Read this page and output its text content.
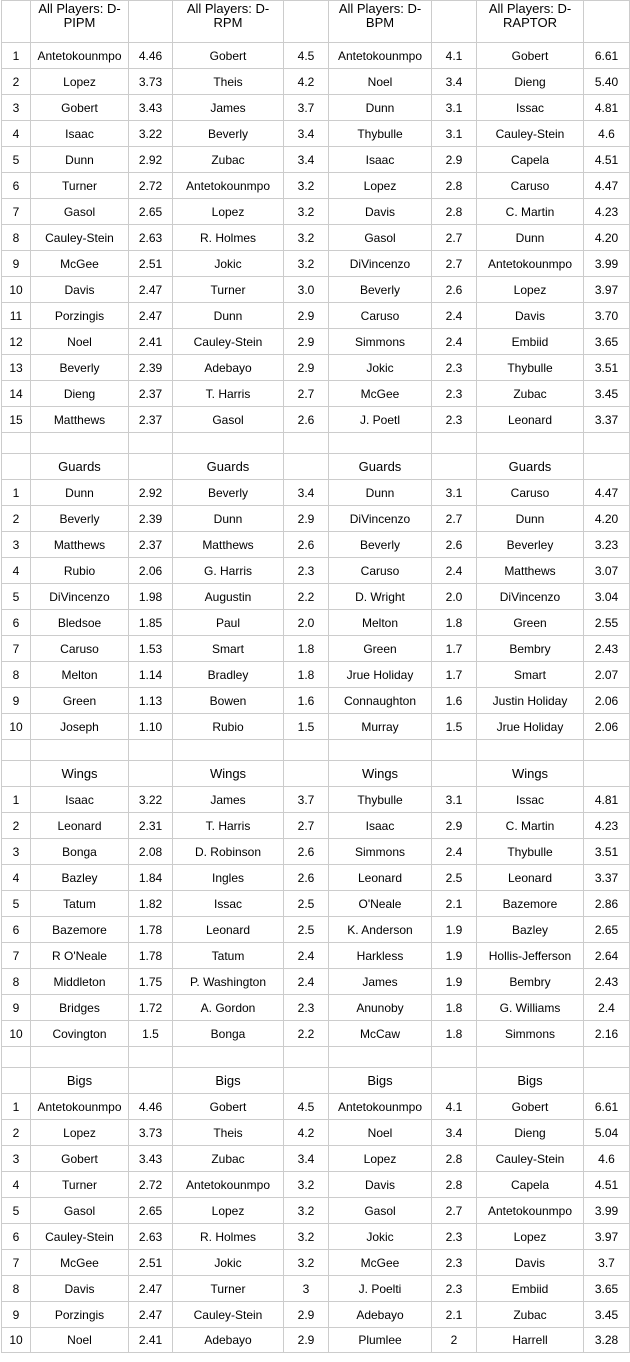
	All Players: D-PIPM		All Players: D-RPM		All Players: D-BPM		All Players: D-RAPTOR	
1	Antetokounmpo	4.46	Gobert	4.5	Antetokounmpo	4.1	Gobert	6.61
2	Lopez	3.73	Theis	4.2	Noel	3.4	Dieng	5.40
3	Gobert	3.43	James	3.7	Dunn	3.1	Issac	4.81
4	Isaac	3.22	Beverly	3.4	Thybulle	3.1	Cauley-Stein	4.6
5	Dunn	2.92	Zubac	3.4	Isaac	2.9	Capela	4.51
6	Turner	2.72	Antetokounmpo	3.2	Lopez	2.8	Caruso	4.47
7	Gasol	2.65	Lopez	3.2	Davis	2.8	C. Martin	4.23
8	Cauley-Stein	2.63	R. Holmes	3.2	Gasol	2.7	Dunn	4.20
9	McGee	2.51	Jokic	3.2	DiVincenzo	2.7	Antetokounmpo	3.99
10	Davis	2.47	Turner	3.0	Beverly	2.6	Lopez	3.97
11	Porzingis	2.47	Dunn	2.9	Caruso	2.4	Davis	3.70
12	Noel	2.41	Cauley-Stein	2.9	Simmons	2.4	Embiid	3.65
13	Beverly	2.39	Adebayo	2.9	Jokic	2.3	Thybulle	3.51
14	Dieng	2.37	T. Harris	2.7	McGee	2.3	Zubac	3.45
15	Matthews	2.37	Gasol	2.6	J. Poetl	2.3	Leonard	3.37

	Guards		Guards		Guards		Guards	
1	Dunn	2.92	Beverly	3.4	Dunn	3.1	Caruso	4.47
2	Beverly	2.39	Dunn	2.9	DiVincenzo	2.7	Dunn	4.20
3	Matthews	2.37	Matthews	2.6	Beverly	2.6	Beverley	3.23
4	Rubio	2.06	G. Harris	2.3	Caruso	2.4	Matthews	3.07
5	DiVincenzo	1.98	Augustin	2.2	D. Wright	2.0	DiVincenzo	3.04
6	Bledsoe	1.85	Paul	2.0	Melton	1.8	Green	2.55
7	Caruso	1.53	Smart	1.8	Green	1.7	Bembry	2.43
8	Melton	1.14	Bradley	1.8	Jrue Holiday	1.7	Smart	2.07
9	Green	1.13	Bowen	1.6	Connaughton	1.6	Justin Holiday	2.06
10	Joseph	1.10	Rubio	1.5	Murray	1.5	Jrue Holiday	2.06

	Wings		Wings		Wings		Wings	
1	Isaac	3.22	James	3.7	Thybulle	3.1	Issac	4.81
2	Leonard	2.31	T. Harris	2.7	Isaac	2.9	C. Martin	4.23
3	Bonga	2.08	D. Robinson	2.6	Simmons	2.4	Thybulle	3.51
4	Bazley	1.84	Ingles	2.6	Leonard	2.5	Leonard	3.37
5	Tatum	1.82	Issac	2.5	O'Neale	2.1	Bazemore	2.86
6	Bazemore	1.78	Leonard	2.5	K. Anderson	1.9	Bazley	2.65
7	R O'Neale	1.78	Tatum	2.4	Harkless	1.9	Hollis-Jefferson	2.64
8	Middleton	1.75	P. Washington	2.4	James	1.9	Bembry	2.43
9	Bridges	1.72	A. Gordon	2.3	Anunoby	1.8	G. Williams	2.4
10	Covington	1.5	Bonga	2.2	McCaw	1.8	Simmons	2.16

	Bigs		Bigs		Bigs		Bigs	
1	Antetokounmpo	4.46	Gobert	4.5	Antetokounmpo	4.1	Gobert	6.61
2	Lopez	3.73	Theis	4.2	Noel	3.4	Dieng	5.04
3	Gobert	3.43	Zubac	3.4	Lopez	2.8	Cauley-Stein	4.6
4	Turner	2.72	Antetokounmpo	3.2	Davis	2.8	Capela	4.51
5	Gasol	2.65	Lopez	3.2	Gasol	2.7	Antetokounmpo	3.99
6	Cauley-Stein	2.63	R. Holmes	3.2	Jokic	2.3	Lopez	3.97
7	McGee	2.51	Jokic	3.2	McGee	2.3	Davis	3.7
8	Davis	2.47	Turner	3	J. Poelti	2.3	Embiid	3.65
9	Porzingis	2.47	Cauley-Stein	2.9	Adebayo	2.1	Zubac	3.45
10	Noel	2.41	Adebayo	2.9	Plumlee	2	Harrell	3.28
